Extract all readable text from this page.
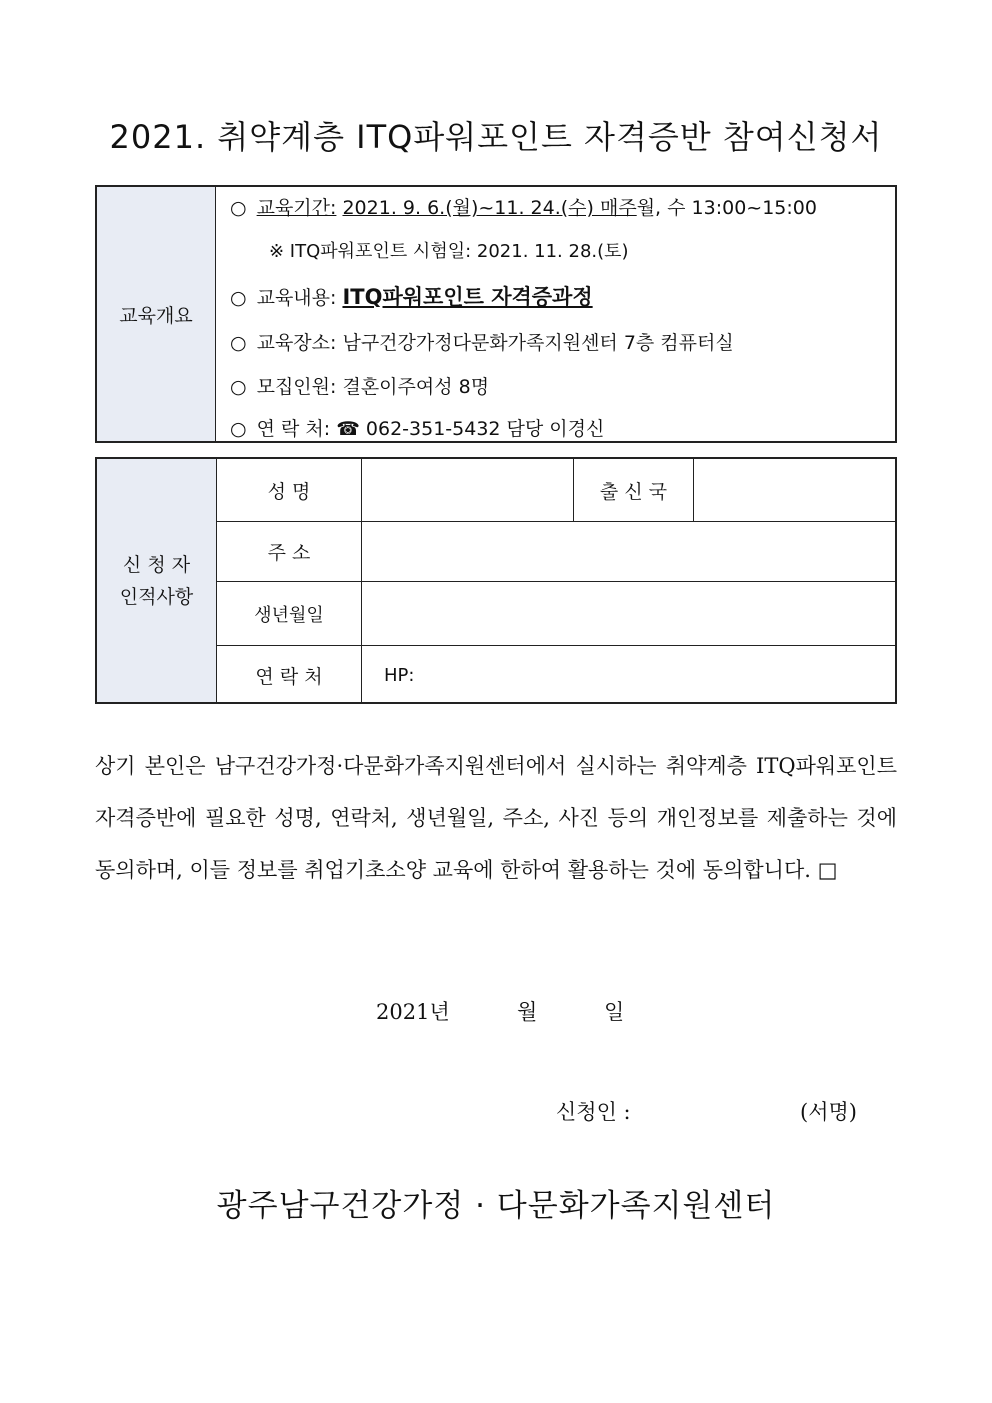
2021. 취약계층 ITQ파워포인트 자격증반 참여신청서
교육개요
○ 교육기간: 2021. 9. 6.(월)~11. 24.(수) 매주월, 수 13:00~15:00
※ ITQ파워포인트 시험일: 2021. 11. 28.(토)
○ 교육내용: ITQ파워포인트 자격증과정
○ 교육장소: 남구건강가정다문화가족지원센터 7층 컴퓨터실
○ 모집인원: 결혼이주여성 8명
○ 연 락 처: ☎ 062-351-5432 담당 이경신
신 청 자
인적사항
성 명	출 신 국
주 소
생년월일
연 락 처	HP:
상기 본인은 남구건강가정·다문화가족지원센터에서 실시하는 취약계층 ITQ파워포인트 자격증반에 필요한 성명, 연락처, 생년월일, 주소, 사진 등의 개인정보를 제출하는 것에 동의하며, 이들 정보를 취업기초소양 교육에 한하여 활용하는 것에 동의합니다. □
2021년	월	일
신청인 :	(서명)
광주남구건강가정 · 다문화가족지원센터
